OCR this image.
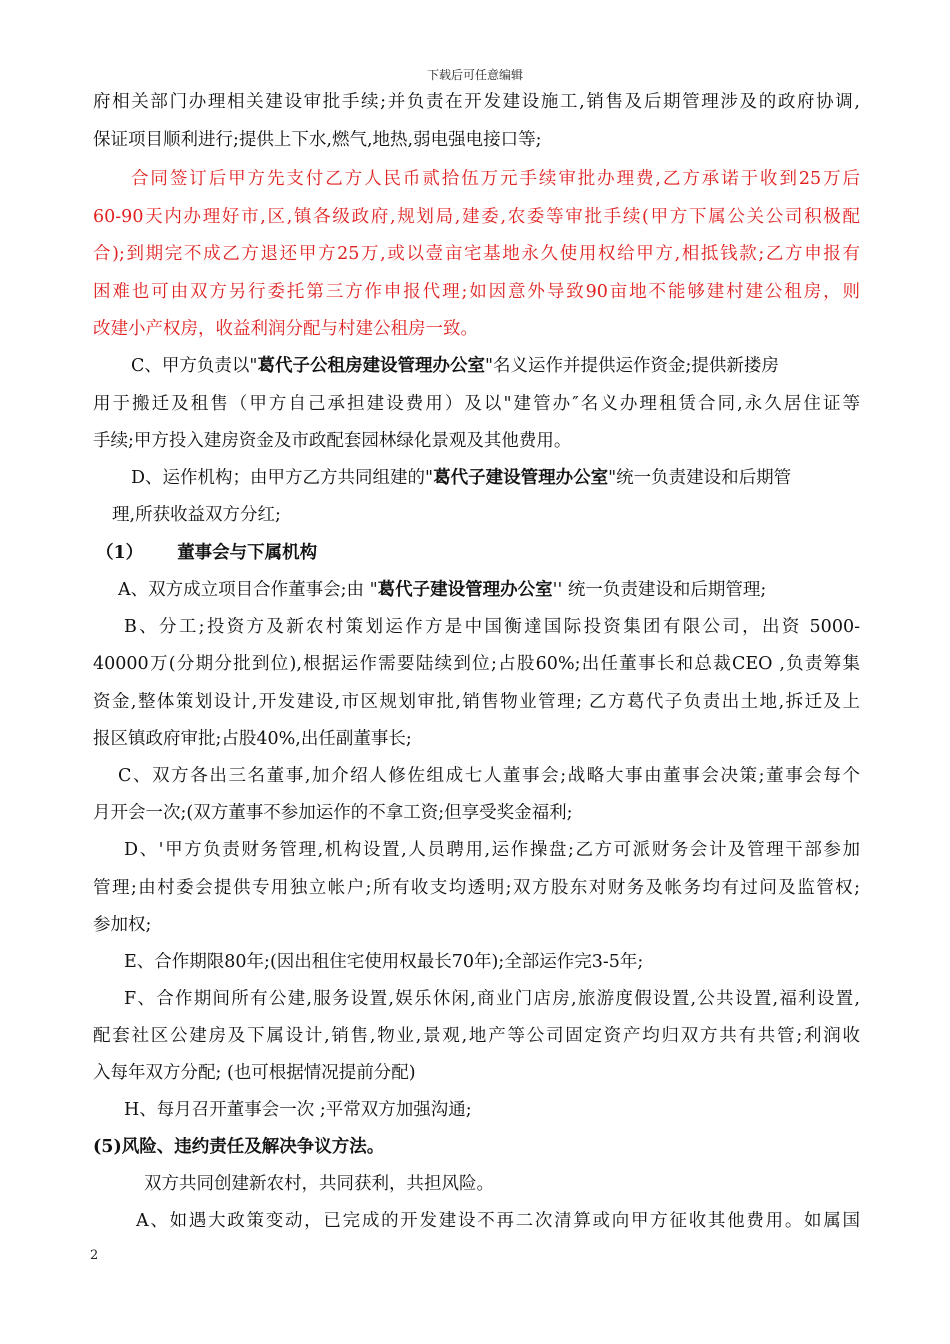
下载后可任意编辑
府相关部门办理相关建设审批手续;并负责在开发建设施工,销售及后期管理涉及的政府协调,
保证项目顺利进行;提供上下水,燃气,地热,弱电强电接口等;
合同签订后甲方先支付乙方人民币贰拾伍万元手续审批办理费,乙方承诺于收到25万后
60-90天内办理好市,区,镇各级政府,规划局,建委,农委等审批手续(甲方下属公关公司积极配
合);到期完不成乙方退还甲方25万,或以壹亩宅基地永久使用权给甲方,相抵钱款;乙方申报有
困难也可由双方另行委托第三方作申报代理;如因意外导致90亩地不能够建村建公租房，则
改建小产权房，收益利润分配与村建公租房一致。
C、甲方负责以"葛代子公租房建设管理办公室"名义运作并提供运作资金;提供新搂房
用于搬迁及租售（甲方自己承担建设费用）及以"建管办″名义办理租赁合同,永久居住证等
手续;甲方投入建房资金及市政配套园林绿化景观及其他费用。
D、运作机构；由甲方乙方共同组建的"葛代子建设管理办公室"统一负责建设和后期管
理,所获收益双方分红;
（1） 董事会与下属机构
A、双方成立项目合作董事会;由 "葛代子建设管理办公室'' 统一负责建设和后期管理;
B、分工;投资方及新农村策划运作方是中国衡達国际投资集团有限公司，出资 5000-
40000万(分期分批到位),根据运作需要陆续到位;占股60%;出任董事长和总裁CEO ,负责筹集
资金,整体策划设计,开发建设,市区规划审批,销售物业管理; 乙方葛代子负责出土地,拆迁及上
报区镇政府审批;占股40%,出任副董事长;
C、双方各出三名董事,加介绍人修佐组成七人董事会;战略大事由董事会决策;董事会每个
月开会一次;(双方董事不参加运作的不拿工资;但享受奖金福利;
D、'甲方负责财务管理,机构设置,人员聘用,运作操盘;乙方可派财务会计及管理干部参加
管理;由村委会提供专用独立帐户;所有收支均透明;双方股东对财务及帐务均有过问及监管权;
参加权;
E、合作期限80年;(因出租住宅使用权最长70年);全部运作完3-5年;
F、合作期间所有公建,服务设置,娱乐休闲,商业门店房,旅游度假设置,公共设置,福利设置,
配套社区公建房及下属设计,销售,物业,景观,地产等公司固定资产均归双方共有共管;利润收
入每年双方分配; (也可根据情况提前分配)
H、每月召开董事会一次 ;平常双方加强沟通;
(5)风险、违约责任及解决争议方法。
双方共同创建新农村，共同获利，共担风险。
A、如遇大政策变动，已完成的开发建设不再二次清算或向甲方征收其他费用。如属国
2
